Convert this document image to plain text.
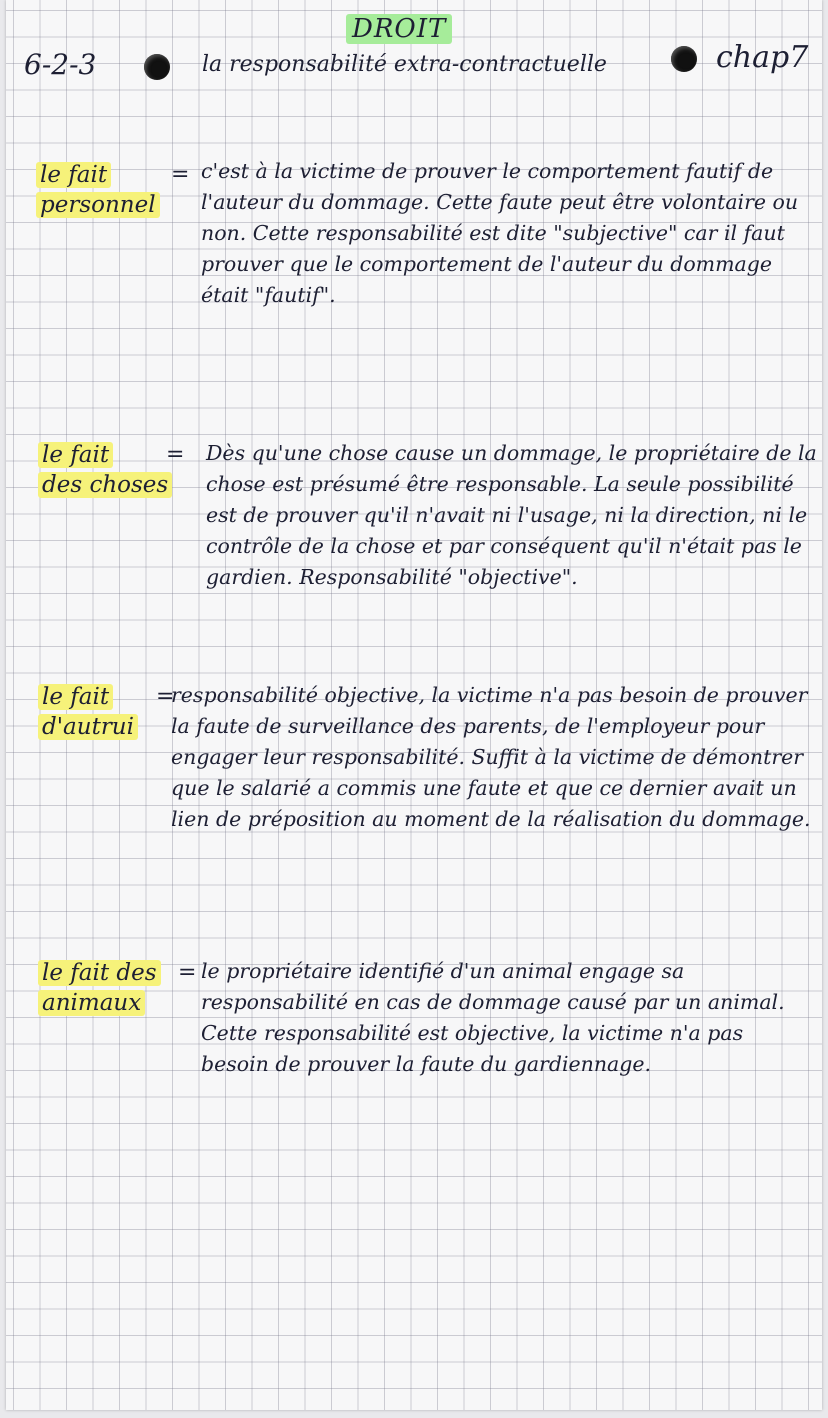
DROIT
6-2-3	la responsabilité extra-contractuelle	chap7
le fait
personnel
= c'est à la victime de prouver le comportement fautif de l'auteur du dommage. Cette faute peut être volontaire ou non. Cette responsabilité est dite "subjective" car il faut prouver que le comportement de l'auteur du dommage était "fautif".
le fait
des choses
= Dès qu'une chose cause un dommage, le propriétaire de la chose est présumé être responsable. La seule possibilité est de prouver qu'il n'avait ni l'usage, ni la direction, ni le contrôle de la chose et par conséquent qu'il n'était pas le gardien. Responsabilité "objective".
le fait
d'autrui
=
responsabilité objective, la victime n'a pas besoin de prouver la faute de surveillance des parents, de l'employeur pour engager leur responsabilité. Suffit à la victime de démontrer que le salarié a commis une faute et que ce dernier avait un lien de préposition au moment de la réalisation du dommage.
le fait des
animaux
= le propriétaire identifié d'un animal engage sa responsabilité en cas de dommage causé par un animal. Cette responsabilité est objective, la victime n'a pas besoin de prouver la faute du gardiennage.
